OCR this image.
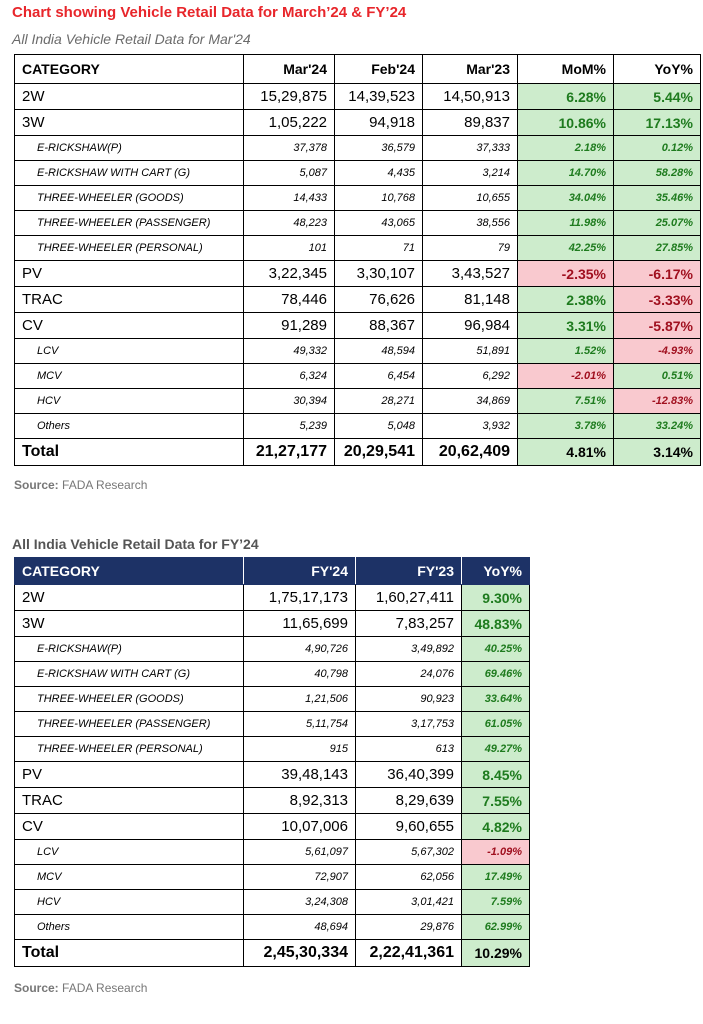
Chart showing Vehicle Retail Data for March’24 & FY’24
All India Vehicle Retail Data for Mar'24
CATEGORY	Mar'24	Feb'24	Mar'23	MoM%	YoY%
2W	15,29,875	14,39,523	14,50,913	6.28%	5.44%
3W	1,05,222	94,918	89,837	10.86%	17.13%
E-RICKSHAW(P)	37,378	36,579	37,333	2.18%	0.12%
E-RICKSHAW WITH CART (G)	5,087	4,435	3,214	14.70%	58.28%
THREE-WHEELER (GOODS)	14,433	10,768	10,655	34.04%	35.46%
THREE-WHEELER (PASSENGER)	48,223	43,065	38,556	11.98%	25.07%
THREE-WHEELER (PERSONAL)	101	71	79	42.25%	27.85%
PV	3,22,345	3,30,107	3,43,527	-2.35%	-6.17%
TRAC	78,446	76,626	81,148	2.38%	-3.33%
CV	91,289	88,367	96,984	3.31%	-5.87%
LCV	49,332	48,594	51,891	1.52%	-4.93%
MCV	6,324	6,454	6,292	-2.01%	0.51%
HCV	30,394	28,271	34,869	7.51%	-12.83%
Others	5,239	5,048	3,932	3.78%	33.24%
Total	21,27,177	20,29,541	20,62,409	4.81%	3.14%
Source: FADA Research
All India Vehicle Retail Data for FY’24
CATEGORY	FY'24	FY'23	YoY%
2W	1,75,17,173	1,60,27,411	9.30%
3W	11,65,699	7,83,257	48.83%
E-RICKSHAW(P)	4,90,726	3,49,892	40.25%
E-RICKSHAW WITH CART (G)	40,798	24,076	69.46%
THREE-WHEELER (GOODS)	1,21,506	90,923	33.64%
THREE-WHEELER (PASSENGER)	5,11,754	3,17,753	61.05%
THREE-WHEELER (PERSONAL)	915	613	49.27%
PV	39,48,143	36,40,399	8.45%
TRAC	8,92,313	8,29,639	7.55%
CV	10,07,006	9,60,655	4.82%
LCV	5,61,097	5,67,302	-1.09%
MCV	72,907	62,056	17.49%
HCV	3,24,308	3,01,421	7.59%
Others	48,694	29,876	62.99%
Total	2,45,30,334	2,22,41,361	10.29%
Source: FADA Research
